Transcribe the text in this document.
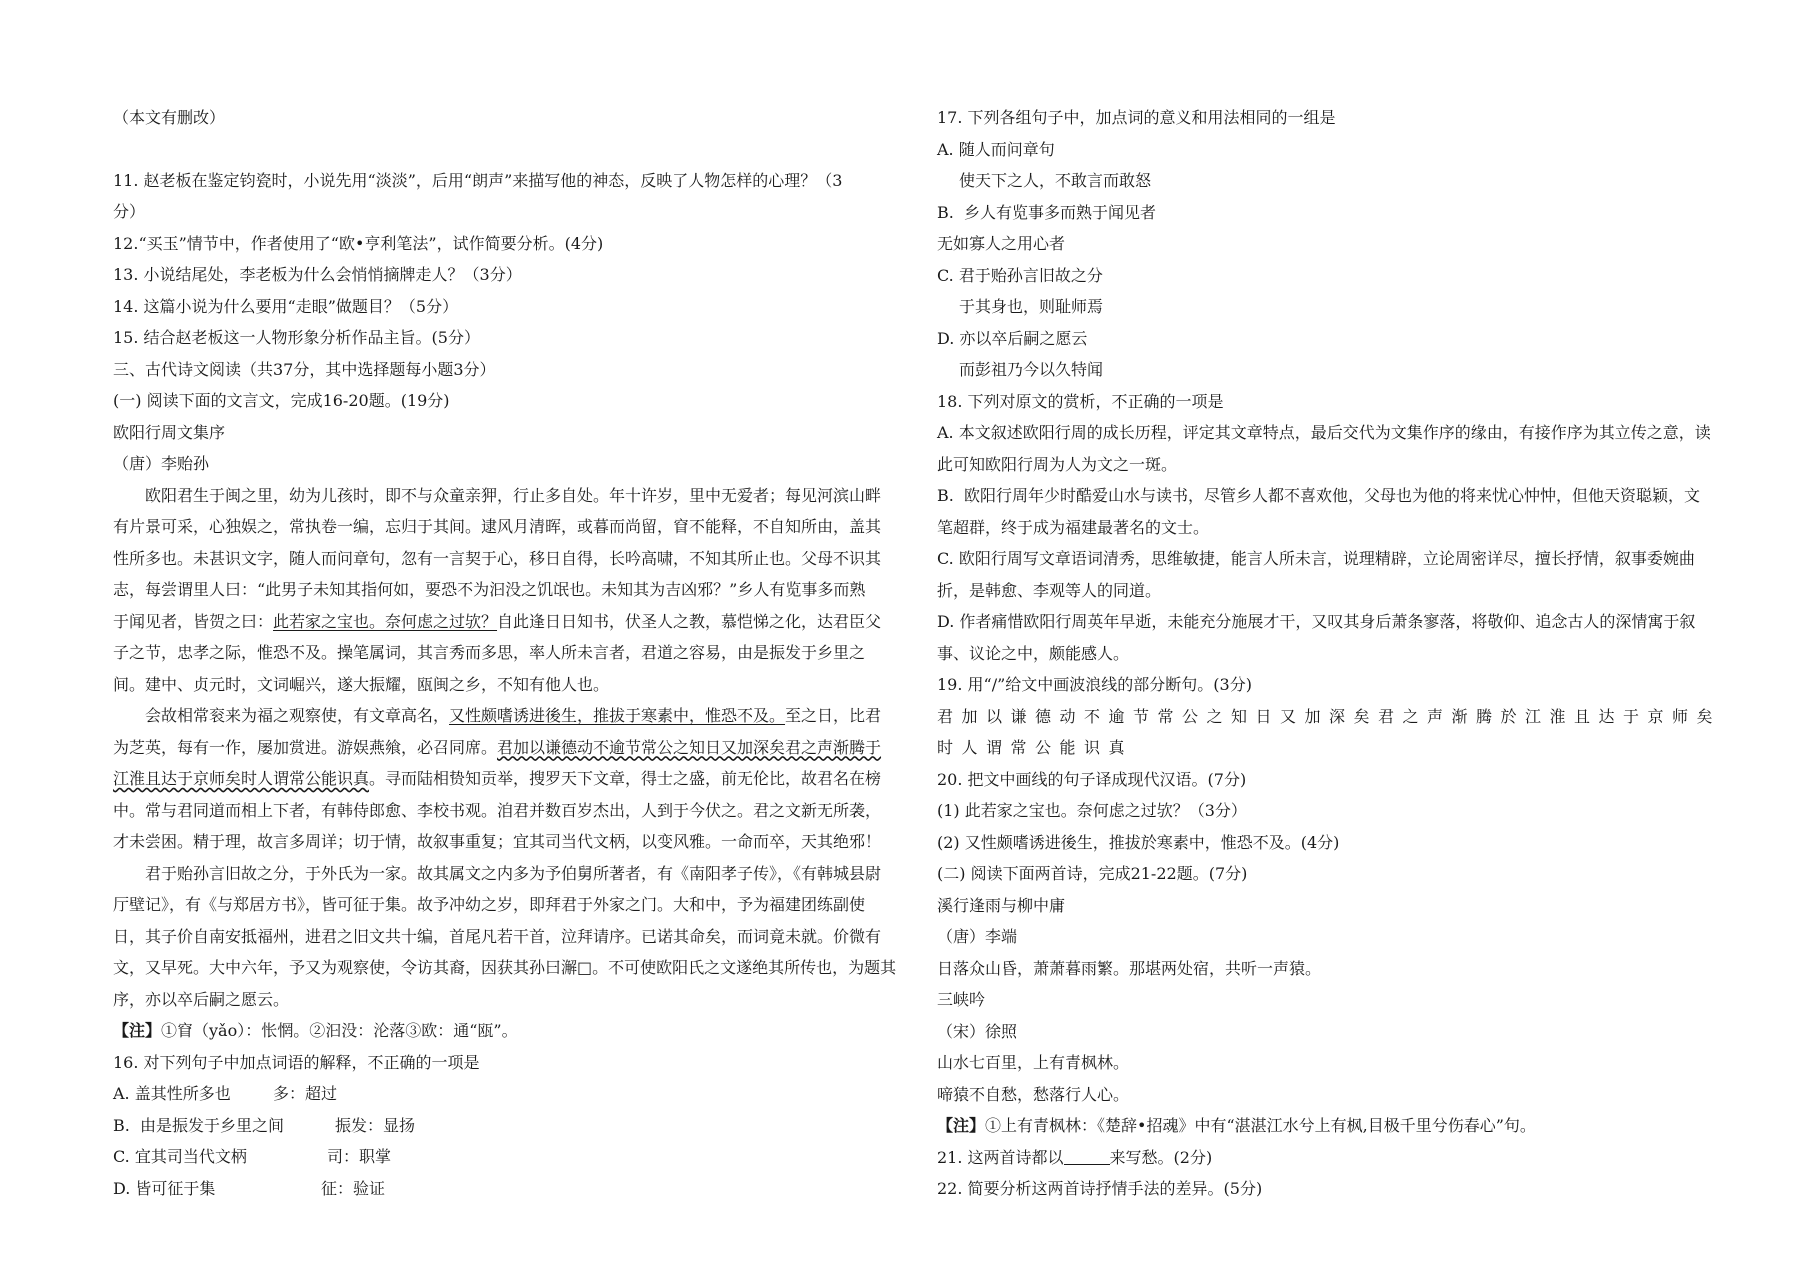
（本文有删改）
11. 赵老板在鉴定钧瓷时，小说先用“淡淡”，后用“朗声”来描写他的神态，反映了人物怎样的心理？（3
分）
12.“买玉”情节中，作者使用了“欧•亨利笔法”，试作简要分析。(4分)
13. 小说结尾处，李老板为什么会悄悄摘牌走人？（3分）
14. 这篇小说为什么要用“走眼”做题目？（5分）
15. 结合赵老板这一人物形象分析作品主旨。(5分）
三、古代诗文阅读（共37分，其中选择题每小题3分）
(一) 阅读下面的文言文，完成16-20题。(19分)
欧阳行周文集序
（唐）李贻孙
欧阳君生于闽之里，幼为儿孩时，即不与众童亲狎，行止多自处。年十许岁，里中无爱者；每见河滨山畔
有片景可采，心独娱之，常执卷一编，忘归于其间。逮风月清晖，或暮而尚留，窅不能释，不自知所由，盖其
性所多也。未甚识文字，随人而问章句，忽有一言契于心，移日自得，长吟高啸，不知其所止也。父母不识其
志，每尝谓里人曰：“此男子未知其指何如，要恐不为汩没之饥氓也。未知其为吉凶邪？”乡人有览事多而熟
于闻见者，皆贺之曰：此若家之宝也。奈何虑之过欤？自此逢日日知书，伏圣人之教，慕恺悌之化，达君臣父
子之节，忠孝之际，惟恐不及。操笔属词，其言秀而多思，率人所未言者，君道之容易，由是振发于乡里之
间。建中、贞元时，文词崛兴，遂大振耀，瓯闽之乡，不知有他人也。
会故相常衮来为福之观察使，有文章高名，又性颇嗜诱进後生，推拔于寒素中，惟恐不及。至之日，比君
为芝英，每有一作，屡加赏进。游娱燕飨，必召同席。君加以谦德动不逾节常公之知日又加深矣君之声渐腾于
江淮且达于京师矣时人谓常公能识真。寻而陆相贽知贡举，搜罗天下文章，得士之盛，前无伦比，故君名在榜
中。常与君同道而相上下者，有韩侍郎愈、李校书观。洎君并数百岁杰出，人到于今伏之。君之文新无所袭，
才未尝困。精于理，故言多周详；切于情，故叙事重复；宜其司当代文柄，以变风雅。一命而卒，天其绝邪！
君于贻孙言旧故之分，于外氏为一家。故其属文之内多为予伯舅所著者，有《南阳孝子传》，《有韩城县尉
厅壁记》，有《与郑居方书》，皆可征于集。故予冲幼之岁，即拜君于外家之门。大和中，予为福建团练副使
日，其子价自南安抵福州，进君之旧文共十编，首尾凡若干首，泣拜请序。已诺其命矣，而词竟未就。价微有
文，又早死。大中六年，予又为观察使，令访其裔，因获其孙曰澥□。不可使欧阳氏之文遂绝其所传也，为题其
序，亦以卒后嗣之愿云。
【注】①窅（yǎo）：怅惘。②汩没：沦落③欧：通“瓯”。
16. 对下列句子中加点词语的解释，不正确的一项是
A. 盖其性所多也	多：超过
B.  由是振发于乡里之间	振发：显扬
C. 宜其司当代文柄	司：职掌
D. 皆可征于集	征：验证
17. 下列各组句子中，加点词的意义和用法相同的一组是
A. 随人而问章句
使天下之人，不敢言而敢怒
B.  乡人有览事多而熟于闻见者
无如寡人之用心者
C. 君于贻孙言旧故之分
于其身也，则耻师焉
D. 亦以卒后嗣之愿云
而彭祖乃今以久特闻
18. 下列对原文的赏析，不正确的一项是
A. 本文叙述欧阳行周的成长历程，评定其文章特点，最后交代为文集作序的缘由，有接作序为其立传之意，读
此可知欧阳行周为人为文之一斑。
B.  欧阳行周年少时酷爱山水与读书，尽管乡人都不喜欢他，父母也为他的将来忧心忡忡，但他天资聪颖，文
笔超群，终于成为福建最著名的文士。
C. 欧阳行周写文章语词清秀，思维敏捷，能言人所未言，说理精辟，立论周密详尽，擅长抒情，叙事委婉曲
折，是韩愈、李观等人的同道。
D. 作者痛惜欧阳行周英年早逝，未能充分施展才干，又叹其身后萧条寥落，将敬仰、追念古人的深情寓于叙
事、议论之中，颇能感人。
19. 用“/”给文中画波浪线的部分断句。(3分)
君加以谦德动不逾节常公之知日又加深矣君之声渐腾於江淮且达于京师矣
时人谓常公能识真
20. 把文中画线的句子译成现代汉语。(7分)
(1) 此若家之宝也。奈何虑之过欤？（3分）
(2) 又性颇嗜诱进後生，推拔於寒素中，惟恐不及。(4分)
(二) 阅读下面两首诗，完成21-22题。(7分)
溪行逢雨与柳中庸
（唐）李端
日落众山昏，萧萧暮雨繁。那堪两处宿，共听一声猿。
三峡吟
（宋）徐照
山水七百里，上有青枫林。
啼猿不自愁，愁落行人心。
【注】①上有青枫林：《楚辞•招魂》中有“湛湛江水兮上有枫,目极千里兮伤春心”句。
21. 这两首诗都以	来写愁。(2分)
22. 简要分析这两首诗抒情手法的差异。(5分)
